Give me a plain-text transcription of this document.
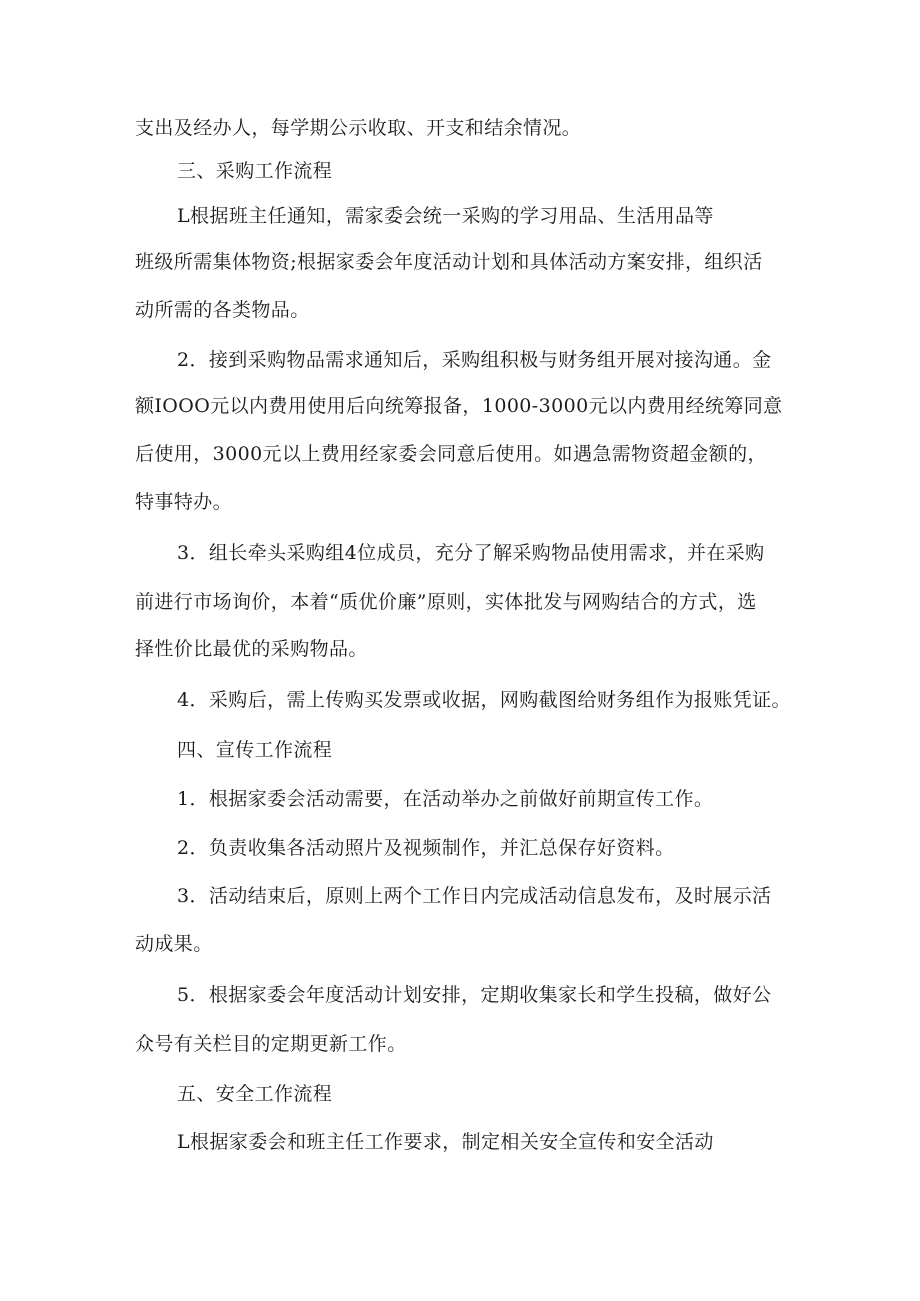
支出及经办人，每学期公示收取、开支和结余情况。
三、采购工作流程
L根据班主任通知，需家委会统一采购的学习用品、生活用品等
班级所需集体物资;根据家委会年度活动计划和具体活动方案安排，组织活
动所需的各类物品。
2．接到采购物品需求通知后，采购组积极与财务组开展对接沟通。金
额IOOO元以内费用使用后向统筹报备，1000-3000元以内费用经统筹同意
后使用，3000元以上费用经家委会同意后使用。如遇急需物资超金额的，
特事特办。
3．组长牵头采购组4位成员，充分了解采购物品使用需求，并在采购
前进行市场询价，本着“质优价廉”原则，实体批发与网购结合的方式，选
择性价比最优的采购物品。
4．采购后，需上传购买发票或收据，网购截图给财务组作为报账凭证。
四、宣传工作流程
1．根据家委会活动需要，在活动举办之前做好前期宣传工作。
2．负责收集各活动照片及视频制作，并汇总保存好资料。
3．活动结束后，原则上两个工作日内完成活动信息发布，及时展示活
动成果。
5．根据家委会年度活动计划安排，定期收集家长和学生投稿，做好公
众号有关栏目的定期更新工作。
五、安全工作流程
L根据家委会和班主任工作要求，制定相关安全宣传和安全活动
